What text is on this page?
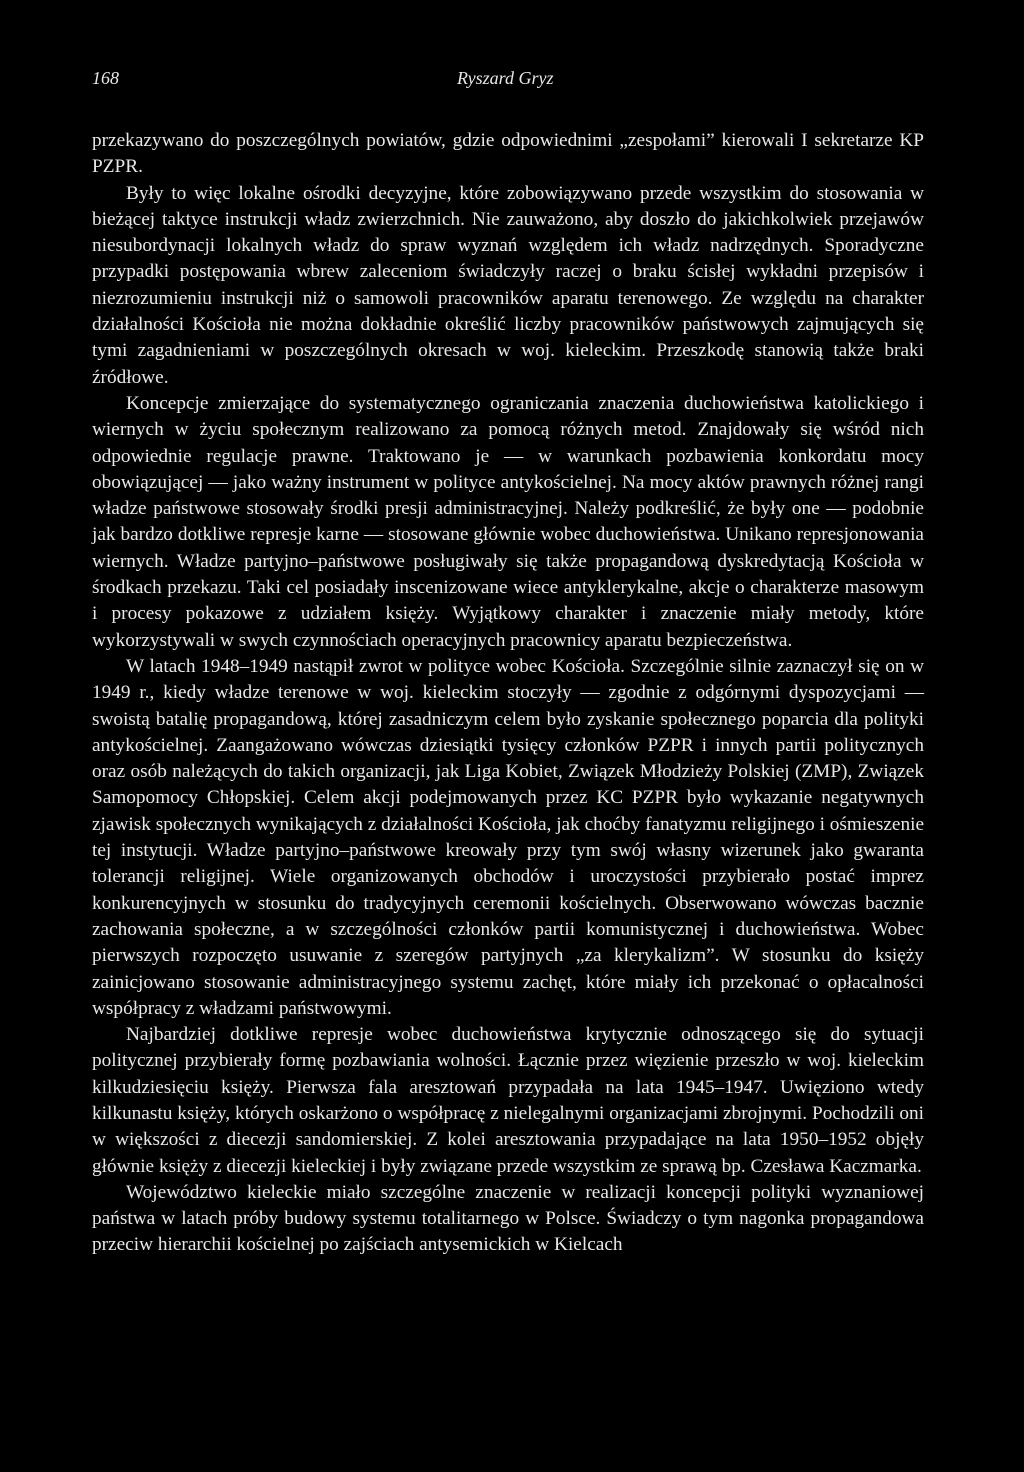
168	Ryszard Gryz

przekazywano do poszczególnych powiatów, gdzie odpowiednimi „zespołami” kierowali I sekretarze KP PZPR.

Były to więc lokalne ośrodki decyzyjne, które zobowiązywano przede wszystkim do stosowania w bieżącej taktyce instrukcji władz zwierzchnich. Nie zauważono, aby doszło do jakichkolwiek przejawów niesubordynacji lokalnych władz do spraw wyznań względem ich władz nadrzędnych. Sporadyczne przypadki postępowania wbrew zaleceniom świadczyły raczej o braku ścisłej wykładni przepisów i niezrozumieniu instrukcji niż o samowoli pracowników aparatu terenowego. Ze względu na charakter działalności Kościoła nie można dokładnie określić liczby pracowników państwowych zajmujących się tymi zagadnieniami w poszczególnych okresach w woj. kieleckim. Przeszkodę stanowią także braki źródłowe.

Koncepcje zmierzające do systematycznego ograniczania znaczenia duchowieństwa katolickiego i wiernych w życiu społecznym realizowano za pomocą różnych metod. Znajdowały się wśród nich odpowiednie regulacje prawne. Traktowano je — w warunkach pozbawienia konkordatu mocy obowiązującej — jako ważny instrument w polityce antykościelnej. Na mocy aktów prawnych różnej rangi władze państwowe stosowały środki presji administracyjnej. Należy podkreślić, że były one — podobnie jak bardzo dotkliwe represje karne — stosowane głównie wobec duchowieństwa. Unikano represjonowania wiernych. Władze partyjno–państwowe posługiwały się także propagandową dyskredytacją Kościoła w środkach przekazu. Taki cel posiadały inscenizowane wiece antyklerykalne, akcje o charakterze masowym i procesy pokazowe z udziałem księży. Wyjątkowy charakter i znaczenie miały metody, które wykorzystywali w swych czynnościach operacyjnych pracownicy aparatu bezpieczeństwa.

W latach 1948–1949 nastąpił zwrot w polityce wobec Kościoła. Szczególnie silnie zaznaczył się on w 1949 r., kiedy władze terenowe w woj. kieleckim stoczyły — zgodnie z odgórnymi dyspozycjami — swoistą batalię propagandową, której zasadniczym celem było zyskanie społecznego poparcia dla polityki antykościelnej. Zaangażowano wówczas dziesiątki tysięcy członków PZPR i innych partii politycznych oraz osób należących do takich organizacji, jak Liga Kobiet, Związek Młodzieży Polskiej (ZMP), Związek Samopomocy Chłopskiej. Celem akcji podejmowanych przez KC PZPR było wykazanie negatywnych zjawisk społecznych wynikających z działalności Kościoła, jak choćby fanatyzmu religijnego i ośmieszenie tej instytucji. Władze partyjno–państwowe kreowały przy tym swój własny wizerunek jako gwaranta tolerancji religijnej. Wiele organizowanych obchodów i uroczystości przybierało postać imprez konkurencyjnych w stosunku do tradycyjnych ceremonii kościelnych. Obserwowano wówczas bacznie zachowania społeczne, a w szczególności członków partii komunistycznej i duchowieństwa. Wobec pierwszych rozpoczęto usuwanie z szeregów partyjnych „za klerykalizm”. W stosunku do księży zainicjowano stosowanie administracyjnego systemu zachęt, które miały ich przekonać o opłacalności współpracy z władzami państwowymi.

Najbardziej dotkliwe represje wobec duchowieństwa krytycznie odnoszącego się do sytuacji politycznej przybierały formę pozbawiania wolności. Łącznie przez więzienie przeszło w woj. kieleckim kilkudziesięciu księży. Pierwsza fala aresztowań przypadała na lata 1945–1947. Uwięziono wtedy kilkunastu księży, których oskarżono o współpracę z nielegalnymi organizacjami zbrojnymi. Pochodzili oni w większości z diecezji sandomierskiej. Z kolei aresztowania przypadające na lata 1950–1952 objęły głównie księży z diecezji kieleckiej i były związane przede wszystkim ze sprawą bp. Czesława Kaczmarka.

Województwo kieleckie miało szczególne znaczenie w realizacji koncepcji polityki wyznaniowej państwa w latach próby budowy systemu totalitarnego w Polsce. Świadczy o tym nagonka propagandowa przeciw hierarchii kościelnej po zajściach antysemickich w Kielcach
